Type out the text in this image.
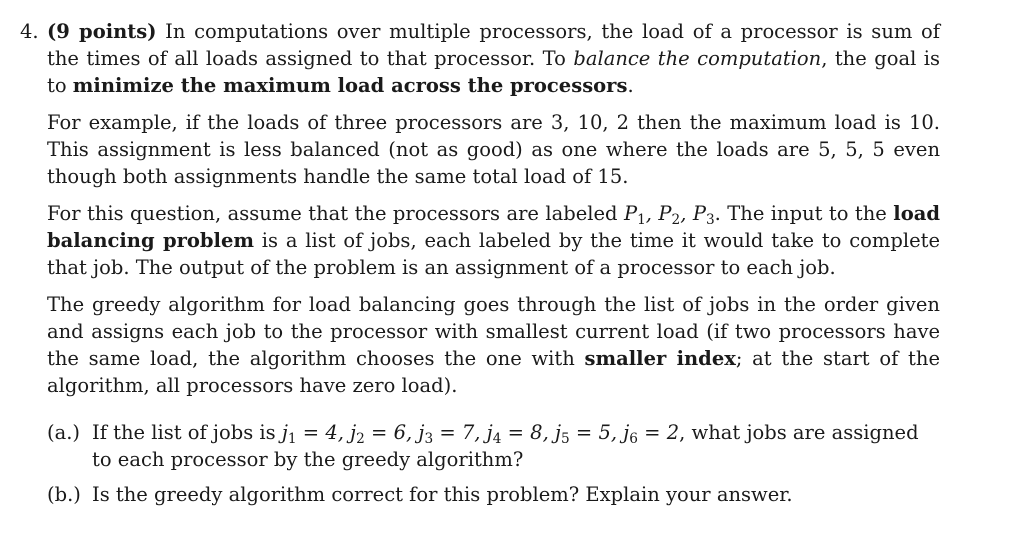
4. (9 points) In computations over multiple processors, the load of a processor is sum of the times of all loads assigned to that processor. To balance the computation, the goal is to minimize the maximum load across the processors.

For example, if the loads of three processors are 3, 10, 2 then the maximum load is 10. This assignment is less balanced (not as good) as one where the loads are 5, 5, 5 even though both assignments handle the same total load of 15.

For this question, assume that the processors are labeled $P_1$, $P_2$, $P_3$. The input to the load balancing problem is a list of jobs, each labeled by the time it would take to complete that job. The output of the problem is an assignment of a processor to each job.

The greedy algorithm for load balancing goes through the list of jobs in the order given and assigns each job to the processor with smallest current load (if two processors have the same load, the algorithm chooses the one with smaller index; at the start of the algorithm, all processors have zero load).

(a.) If the list of jobs is $j_1 = 4$, $j_2 = 6$, $j_3 = 7$, $j_4 = 8$, $j_5 = 5$, $j_6 = 2$, what jobs are assigned to each processor by the greedy algorithm?
(b.) Is the greedy algorithm correct for this problem? Explain your answer.
